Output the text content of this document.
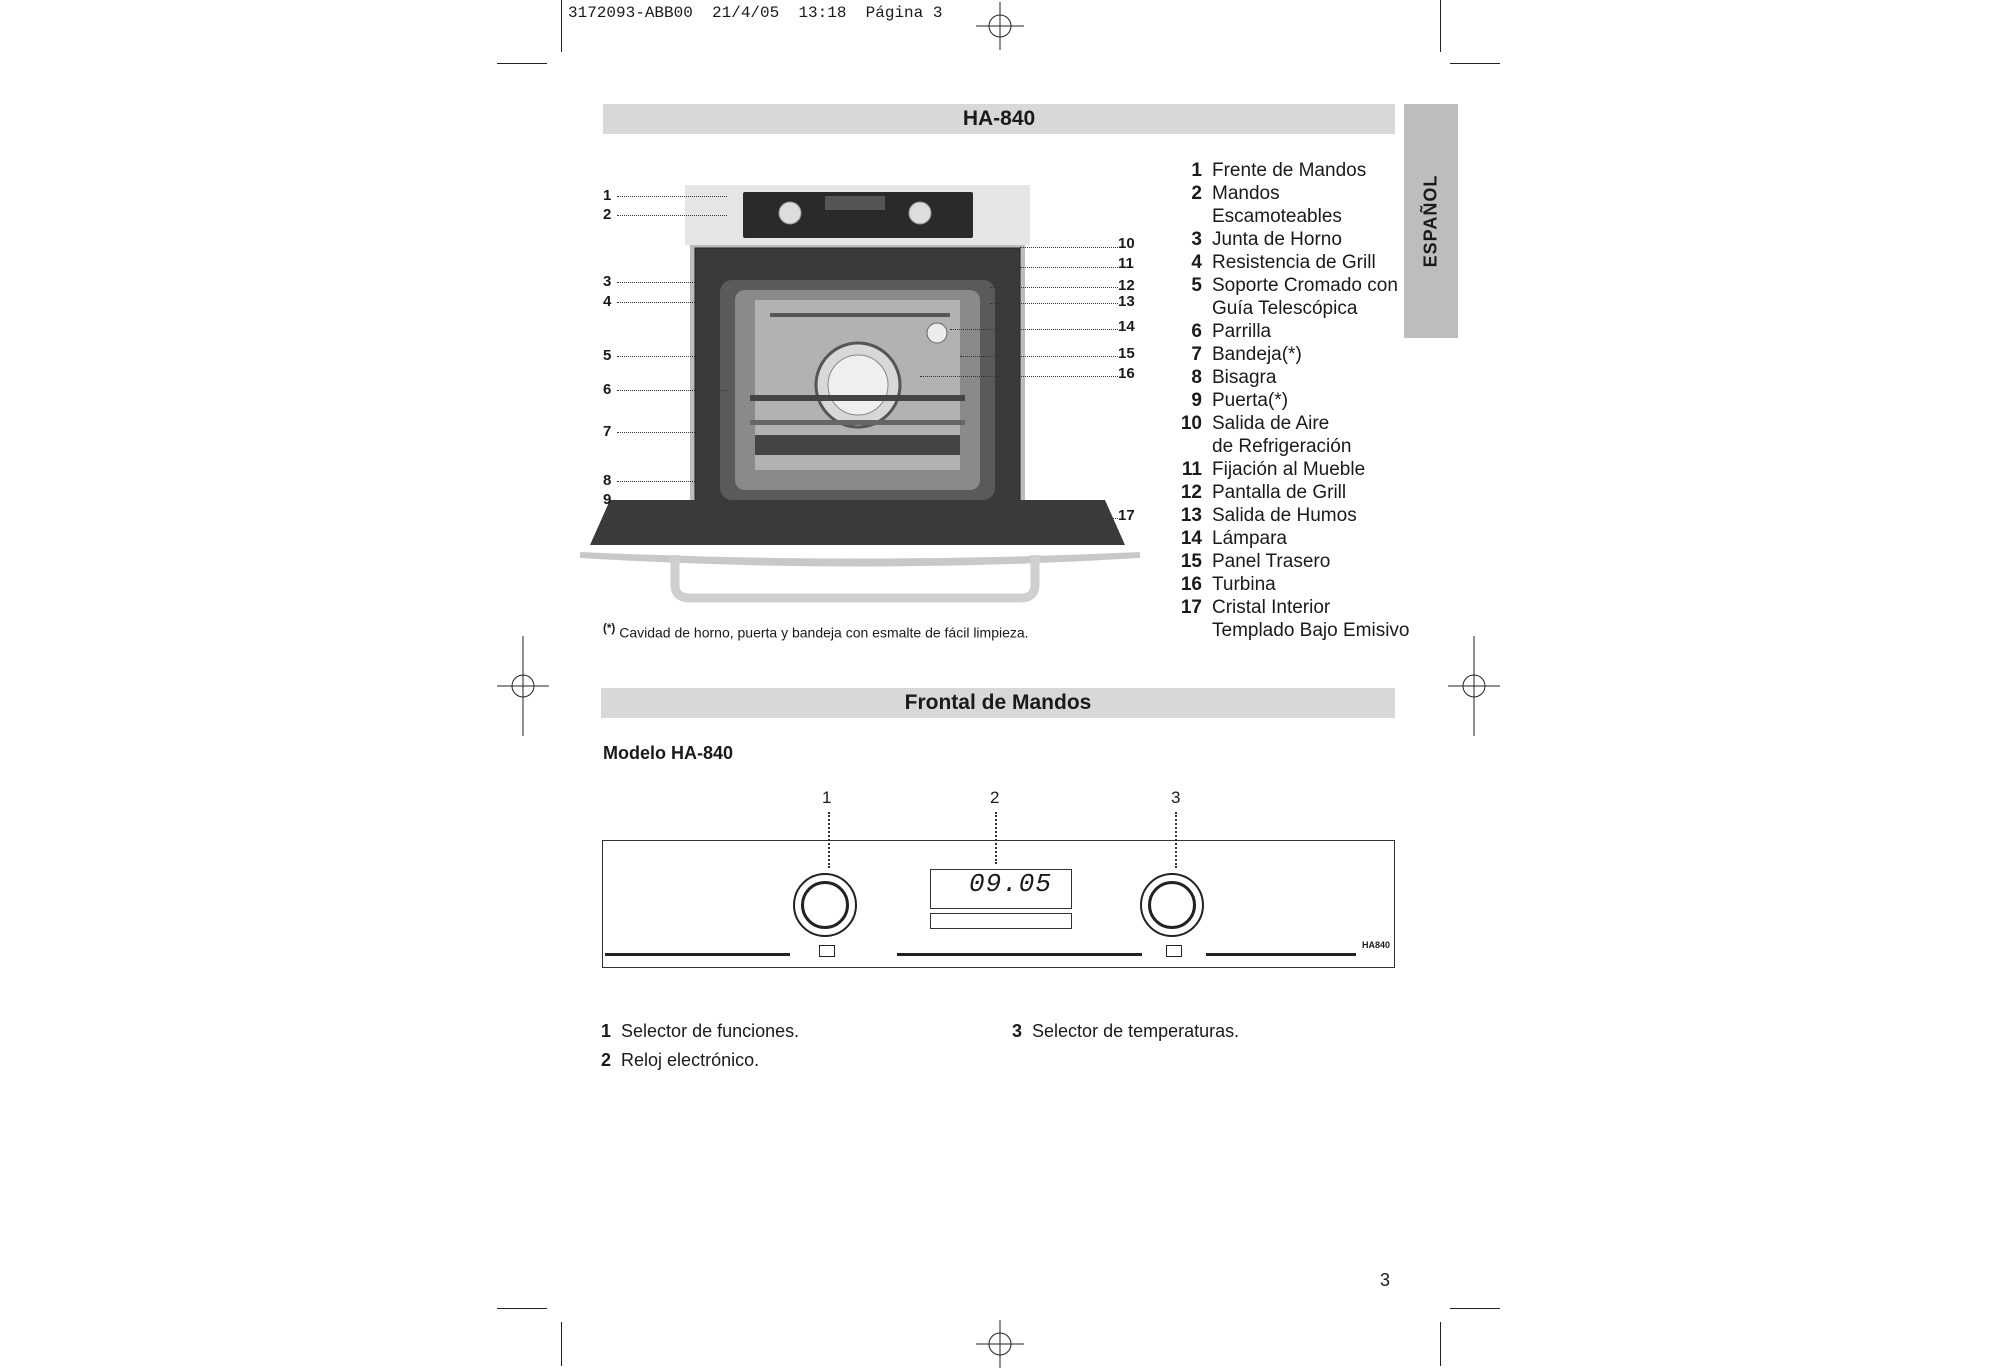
3172093-ABB00  21/4/05  13:18  Página 3
HA-840
ESPAÑOL
1
2
3
4
5
6
7
8
9
10
11
12
13
14
15
16
17
1 Frente de Mandos
2 Mandos
Escamoteables
3 Junta de Horno
4 Resistencia de Grill
5 Soporte Cromado con
Guía Telescópica
6 Parrilla
7 Bandeja(*)
8 Bisagra
9 Puerta(*)
10 Salida de Aire
de Refrigeración
11 Fijación al Mueble
12 Pantalla de Grill
13 Salida de Humos
14 Lámpara
15 Panel Trasero
16 Turbina
17 Cristal Interior
Templado Bajo Emisivo
(*) Cavidad de horno, puerta y bandeja con esmalte de fácil limpieza.
Frontal de Mandos
Modelo HA-840
1	2	3
09.05
HA840
1 Selector de funciones.
2 Reloj electrónico.
3 Selector de temperaturas.
3
